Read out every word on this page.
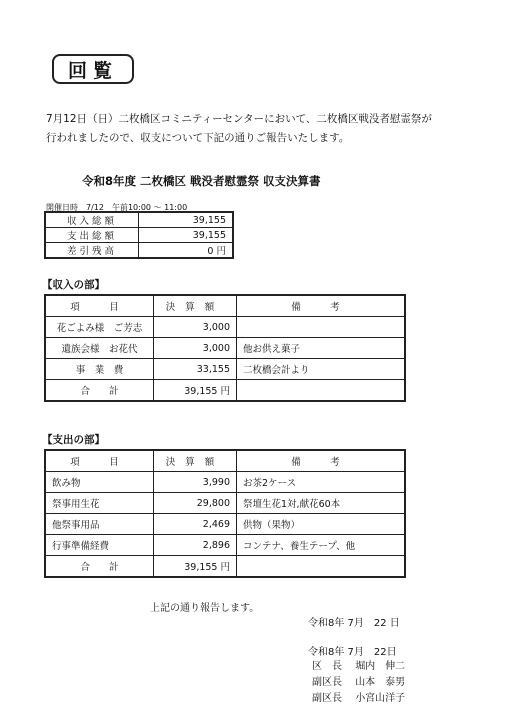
回覧
7月12日（日）二枚橋区コミニティーセンターにおいて、二枚橋区戦没者慰霊祭が
行われましたので、収支について下記の通りご報告いたします。
令和8年度 二枚橋区 戦没者慰霊祭 収支決算書
開催日時　7/12　午前10:00 ～ 11:00
収入総額	39,155
支出総額	39,155
差引残高	0 円
【収入の部】
項　目	決算額	備　考
花ごよみ様　ご芳志	3,000	
遺族会様　お花代	3,000	他お供え菓子
事　業　費	33,155	二枚橋会計より
合　　計	39,155 円	
【支出の部】
項　目	決算額	備　考
飲み物	3,990	お茶2ケース
祭事用生花	29,800	祭壇生花1対,献花60本
他祭事用品	2,469	供物（果物）
行事準備経費	2,896	コンテナ、養生テープ、他
合　　計	39,155 円	
上記の通り報告します。
令和8年 7月　22 日
令和8年 7月　22日
区　長 堀内　伸二
副区長 山本　泰男
副区長 小宮山洋子
